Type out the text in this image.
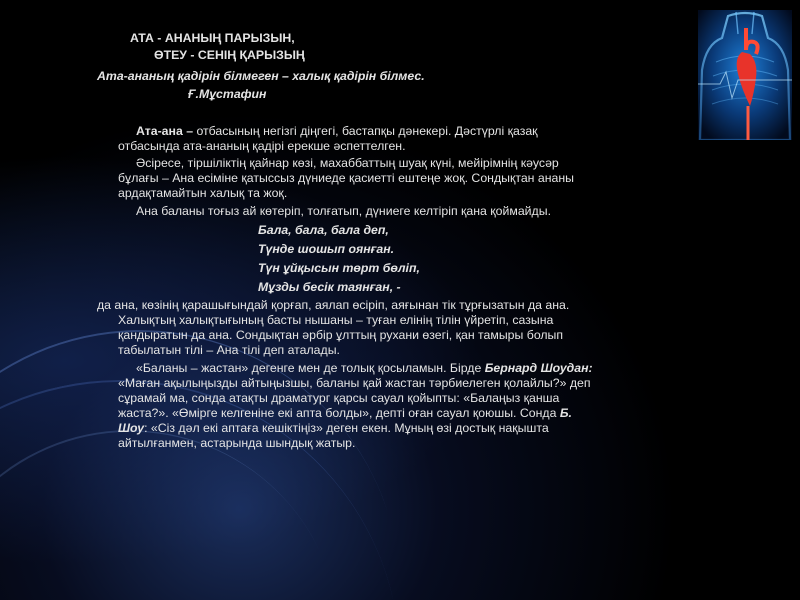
АТА - АНАНЫҢ ПАРЫЗЫН,
ӨТЕУ - СЕНІҢ ҚАРЫЗЫҢ
Ата-ананың қадірін білмеген – халық қадірін білмес.
Ғ.Мұстафин
Ата-ана – отбасының негізгі діңгегі, бастапқы дәнекері. Дәстүрлі қазақ
отбасында ата-ананың қадірі ерекше әспеттелген.
Әсіресе, тіршіліктің қайнар көзі, махаббаттың шуақ күні, мейірімнің кәусәр
бұлағы – Ана есіміне қатыссыз дүниеде қасиетті ештеңе жоқ. Сондықтан ананы
ардақтамайтын халық та жоқ.
Ана баланы тоғыз ай көтеріп, толғатып, дүниеге келтіріп қана қоймайды.
Бала, бала, бала деп,
Түнде шошып оянған.
Түн ұйқысын төрт бөліп,
Мұзды бесік таянған, -
да ана, көзінің қарашығындай қорғап, аялап өсіріп, аяғынан тік тұрғызатын да ана.
Халықтың халықтығының басты нышаны – туған елінің тілін үйретіп, сазына
қандыратын да ана. Сондықтан әрбір ұлттың рухани өзегі, қан тамыры болып
табылатын тілі – Ана тілі деп аталады.
«Баланы – жастан» дегенге мен де толық қосыламын. Бірде Бернард Шоудан:
«Маған ақылыңызды айтыңызшы, баланы қай жастан тәрбиелеген қолайлы?» деп
сұрамай ма, сонда атақты драматург қарсы сауал қойыпты: «Балаңыз қанша
жаста?». «Өмірге келгеніне екі апта болды», депті оған сауал қоюшы. Сонда Б.
Шоу: «Сіз дәл екі аптаға кешіктіңіз» деген екен. Мұның өзі достық нақышта
айтылғанмен, астарында шындық жатыр.
